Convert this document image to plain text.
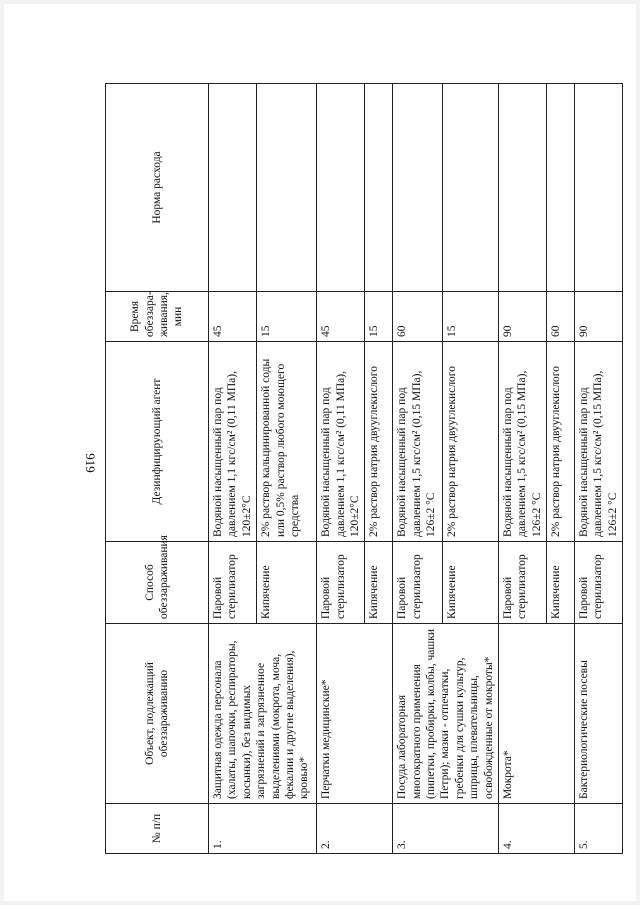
919
№ п/п	Объект, подлежащий обеззараживанию	Способ обеззараживания	Дезинфицирующий агент	Время обеззара-живания, мин	Норма расхода
1.	Защитная одежда персонала (халаты, шапочки, респираторы, косынки), без видимых загрязнений и загрязненное выделениями (мокрота, моча, фекалии и другие выделения), кровью*	Паровой стерилизатор	Водяной насыщенный пар под давлением 1,1 кгс/см² (0,11 МПа), 120±2°С	45	
		Кипячение	2% раствор кальцинированной соды или 0,5% раствор любого моющего средства	15	
2.	Перчатки медицинские*	Паровой стерилизатор	Водяной насыщенный пар под давлением 1,1 кгс/см² (0,11 МПа), 120±2°С	45	
		Кипячение	2% раствор натрия двууглекислого	15	
3.	Посуда лабораторная многократного применения (пипетки, пробирки, колбы, чашки Петри); мазки - отпечатки, гребенки для сушки культур, шприцы, плевательницы, освобожденные от мокроты*	Паровой стерилизатор	Водяной насыщенный пар под давлением 1,5 кгс/см² (0,15 МПа), 126±2 °С	60	
		Кипячение	2% раствор натрия двууглекислого	15	
4.	Мокрота*	Паровой стерилизатор	Водяной насыщенный пар под давлением 1,5 кгс/см² (0,15 МПа), 126±2 °С	90	
		Кипячение	2% раствор натрия двууглекислого	60	
5.	Бактериологические посевы	Паровой стерилизатор	Водяной насыщенный пар под давлением 1,5 кгс/см² (0,15 МПа), 126±2 °С	90	
